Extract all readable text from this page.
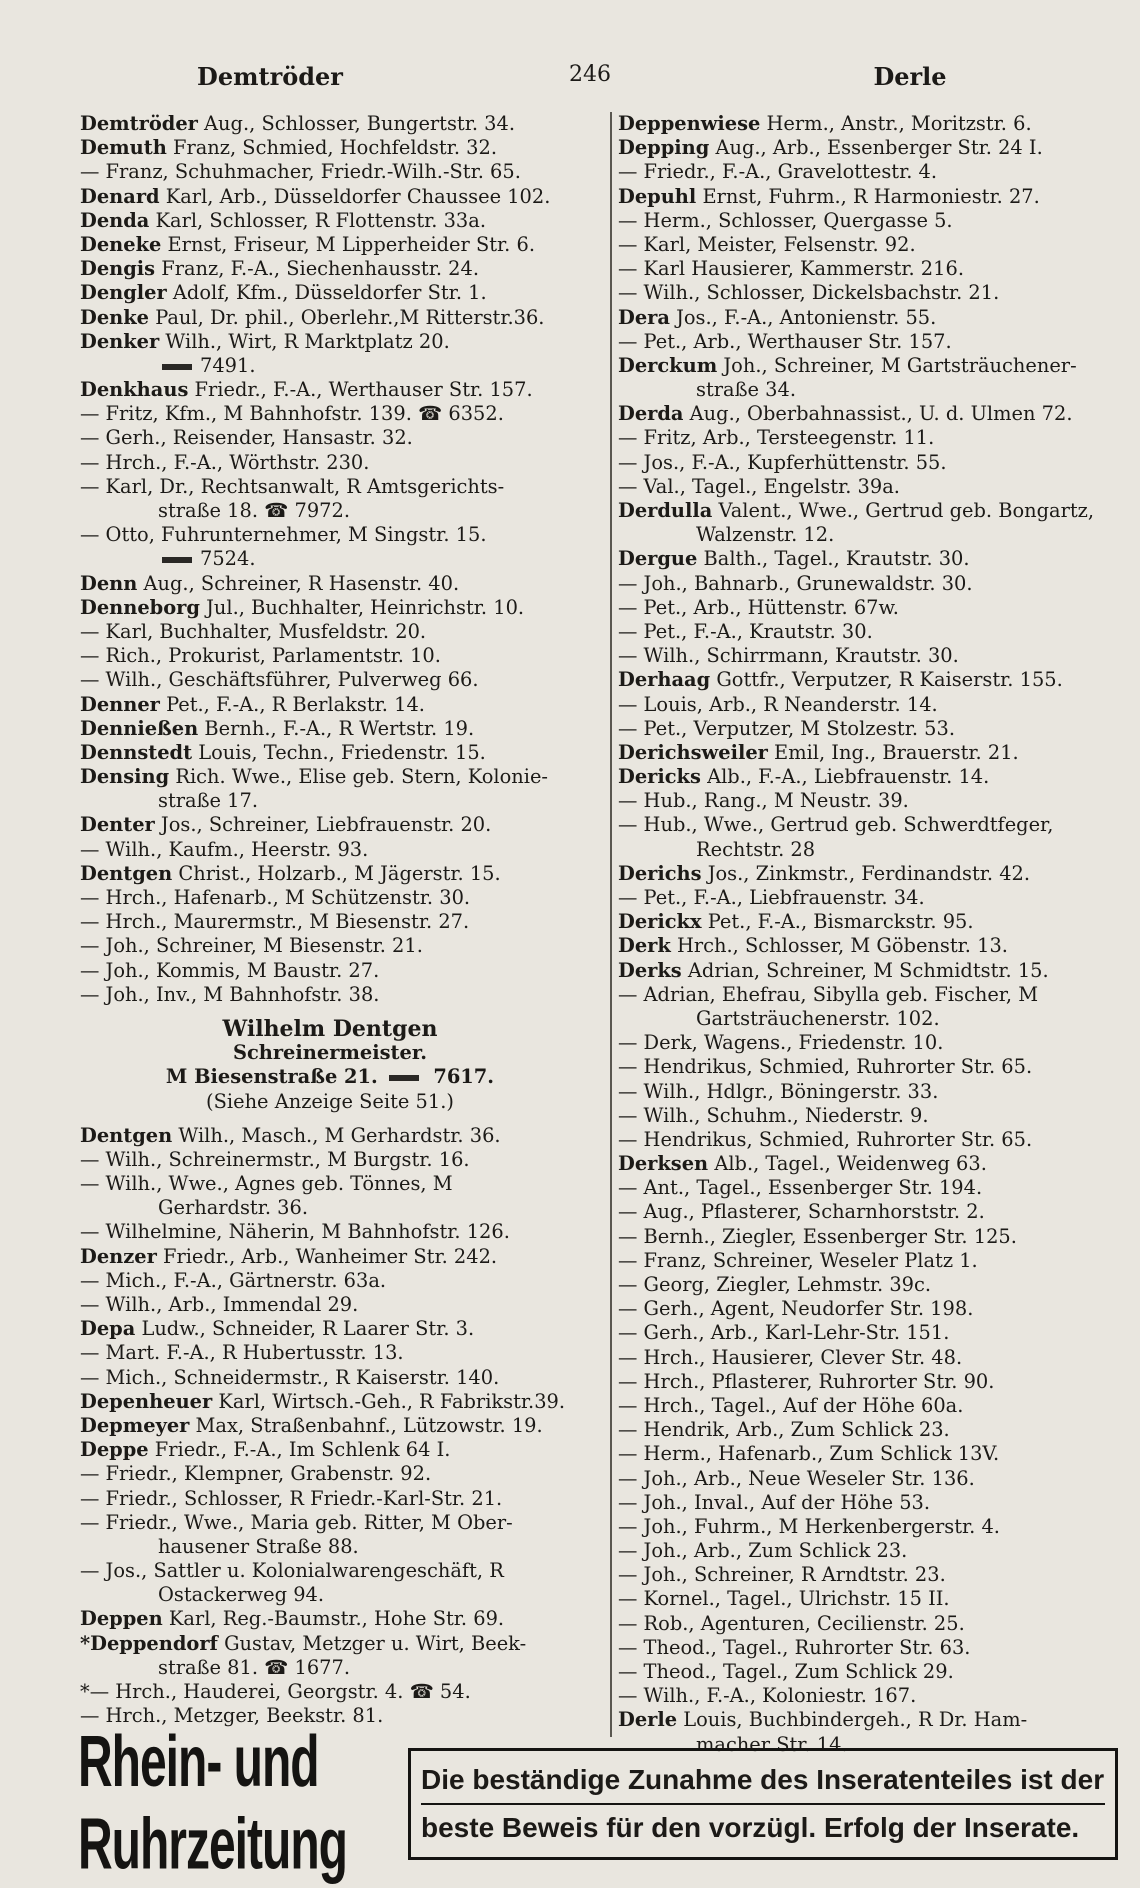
Demtröder	246	Derle
Demtröder Aug., Schlosser, Bungertstr. 34.
Demuth Franz, Schmied, Hochfeldstr. 32.
— Franz, Schuhmacher, Friedr.-Wilh.-Str. 65.
Denard Karl, Arb., Düsseldorfer Chaussee 102.
Denda Karl, Schlosser, R Flottenstr. 33a.
Deneke Ernst, Friseur, M Lipperheider Str. 6.
Dengis Franz, F.-A., Siechenhausstr. 24.
Dengler Adolf, Kfm., Düsseldorfer Str. 1.
Denke Paul, Dr. phil., Oberlehr.,M Ritterstr.36.
Denker Wilh., Wirt, R Marktplatz 20.
7491.
Denkhaus Friedr., F.-A., Werthauser Str. 157.
— Fritz, Kfm., M Bahnhofstr. 139. ☎ 6352.
— Gerh., Reisender, Hansastr. 32.
— Hrch., F.-A., Wörthstr. 230.
— Karl, Dr., Rechtsanwalt, R Amtsgerichts-
straße 18. ☎ 7972.
— Otto, Fuhrunternehmer, M Singstr. 15.
7524.
Denn Aug., Schreiner, R Hasenstr. 40.
Denneborg Jul., Buchhalter, Heinrichstr. 10.
— Karl, Buchhalter, Musfeldstr. 20.
— Rich., Prokurist, Parlamentstr. 10.
— Wilh., Geschäftsführer, Pulverweg 66.
Denner Pet., F.-A., R Berlakstr. 14.
Dennießen Bernh., F.-A., R Wertstr. 19.
Dennstedt Louis, Techn., Friedenstr. 15.
Densing Rich. Wwe., Elise geb. Stern, Kolonie-
straße 17.
Denter Jos., Schreiner, Liebfrauenstr. 20.
— Wilh., Kaufm., Heerstr. 93.
Dentgen Christ., Holzarb., M Jägerstr. 15.
— Hrch., Hafenarb., M Schützenstr. 30.
— Hrch., Maurermstr., M Biesenstr. 27.
— Joh., Schreiner, M Biesenstr. 21.
— Joh., Kommis, M Baustr. 27.
— Joh., Inv., M Bahnhofstr. 38.
Wilhelm Dentgen
Schreinermeister.
M Biesenstraße 21.	7617.
(Siehe Anzeige Seite 51.)
Dentgen Wilh., Masch., M Gerhardstr. 36.
— Wilh., Schreinermstr., M Burgstr. 16.
— Wilh., Wwe., Agnes geb. Tönnes, M
Gerhardstr. 36.
— Wilhelmine, Näherin, M Bahnhofstr. 126.
Denzer Friedr., Arb., Wanheimer Str. 242.
— Mich., F.-A., Gärtnerstr. 63a.
— Wilh., Arb., Immendal 29.
Depa Ludw., Schneider, R Laarer Str. 3.
— Mart. F.-A., R Hubertusstr. 13.
— Mich., Schneidermstr., R Kaiserstr. 140.
Depenheuer Karl, Wirtsch.-Geh., R Fabrikstr.39.
Depmeyer Max, Straßenbahnf., Lützowstr. 19.
Deppe Friedr., F.-A., Im Schlenk 64 I.
— Friedr., Klempner, Grabenstr. 92.
— Friedr., Schlosser, R Friedr.-Karl-Str. 21.
— Friedr., Wwe., Maria geb. Ritter, M Ober-
hausener Straße 88.
— Jos., Sattler u. Kolonialwarengeschäft, R
Ostackerweg 94.
Deppen Karl, Reg.-Baumstr., Hohe Str. 69.
*Deppendorf Gustav, Metzger u. Wirt, Beek-
straße 81. ☎ 1677.
*— Hrch., Hauderei, Georgstr. 4. ☎ 54.
— Hrch., Metzger, Beekstr. 81.
Deppenwiese Herm., Anstr., Moritzstr. 6.
Depping Aug., Arb., Essenberger Str. 24 I.
— Friedr., F.-A., Gravelottestr. 4.
Depuhl Ernst, Fuhrm., R Harmoniestr. 27.
— Herm., Schlosser, Quergasse 5.
— Karl, Meister, Felsenstr. 92.
— Karl Hausierer, Kammerstr. 216.
— Wilh., Schlosser, Dickelsbachstr. 21.
Dera Jos., F.-A., Antonienstr. 55.
— Pet., Arb., Werthauser Str. 157.
Derckum Joh., Schreiner, M Gartsträuchener-
straße 34.
Derda Aug., Oberbahnassist., U. d. Ulmen 72.
— Fritz, Arb., Tersteegenstr. 11.
— Jos., F.-A., Kupferhüttenstr. 55.
— Val., Tagel., Engelstr. 39a.
Derdulla Valent., Wwe., Gertrud geb. Bongartz,
Walzenstr. 12.
Dergue Balth., Tagel., Krautstr. 30.
— Joh., Bahnarb., Grunewaldstr. 30.
— Pet., Arb., Hüttenstr. 67w.
— Pet., F.-A., Krautstr. 30.
— Wilh., Schirrmann, Krautstr. 30.
Derhaag Gottfr., Verputzer, R Kaiserstr. 155.
— Louis, Arb., R Neanderstr. 14.
— Pet., Verputzer, M Stolzestr. 53.
Derichsweiler Emil, Ing., Brauerstr. 21.
Dericks Alb., F.-A., Liebfrauenstr. 14.
— Hub., Rang., M Neustr. 39.
— Hub., Wwe., Gertrud geb. Schwerdtfeger,
Rechtstr. 28
Derichs Jos., Zinkmstr., Ferdinandstr. 42.
— Pet., F.-A., Liebfrauenstr. 34.
Derickx Pet., F.-A., Bismarckstr. 95.
Derk Hrch., Schlosser, M Göbenstr. 13.
Derks Adrian, Schreiner, M Schmidtstr. 15.
— Adrian, Ehefrau, Sibylla geb. Fischer, M
Gartsträuchenerstr. 102.
— Derk, Wagens., Friedenstr. 10.
— Hendrikus, Schmied, Ruhrorter Str. 65.
— Wilh., Hdlgr., Böningerstr. 33.
— Wilh., Schuhm., Niederstr. 9.
— Hendrikus, Schmied, Ruhrorter Str. 65.
Derksen Alb., Tagel., Weidenweg 63.
— Ant., Tagel., Essenberger Str. 194.
— Aug., Pflasterer, Scharnhorststr. 2.
— Bernh., Ziegler, Essenberger Str. 125.
— Franz, Schreiner, Weseler Platz 1.
— Georg, Ziegler, Lehmstr. 39c.
— Gerh., Agent, Neudorfer Str. 198.
— Gerh., Arb., Karl-Lehr-Str. 151.
— Hrch., Hausierer, Clever Str. 48.
— Hrch., Pflasterer, Ruhrorter Str. 90.
— Hrch., Tagel., Auf der Höhe 60a.
— Hendrik, Arb., Zum Schlick 23.
— Herm., Hafenarb., Zum Schlick 13V.
— Joh., Arb., Neue Weseler Str. 136.
— Joh., Inval., Auf der Höhe 53.
— Joh., Fuhrm., M Herkenbergerstr. 4.
— Joh., Arb., Zum Schlick 23.
— Joh., Schreiner, R Arndtstr. 23.
— Kornel., Tagel., Ulrichstr. 15 II.
— Rob., Agenturen, Cecilienstr. 25.
— Theod., Tagel., Ruhrorter Str. 63.
— Theod., Tagel., Zum Schlick 29.
— Wilh., F.-A., Koloniestr. 167.
Derle Louis, Buchbindergeh., R Dr. Ham-
macher Str. 14.
Rhein- und Ruhrzeitung
Die beständige Zunahme des Inseratenteiles ist der
beste Beweis für den vorzügl. Erfolg der Inserate.
